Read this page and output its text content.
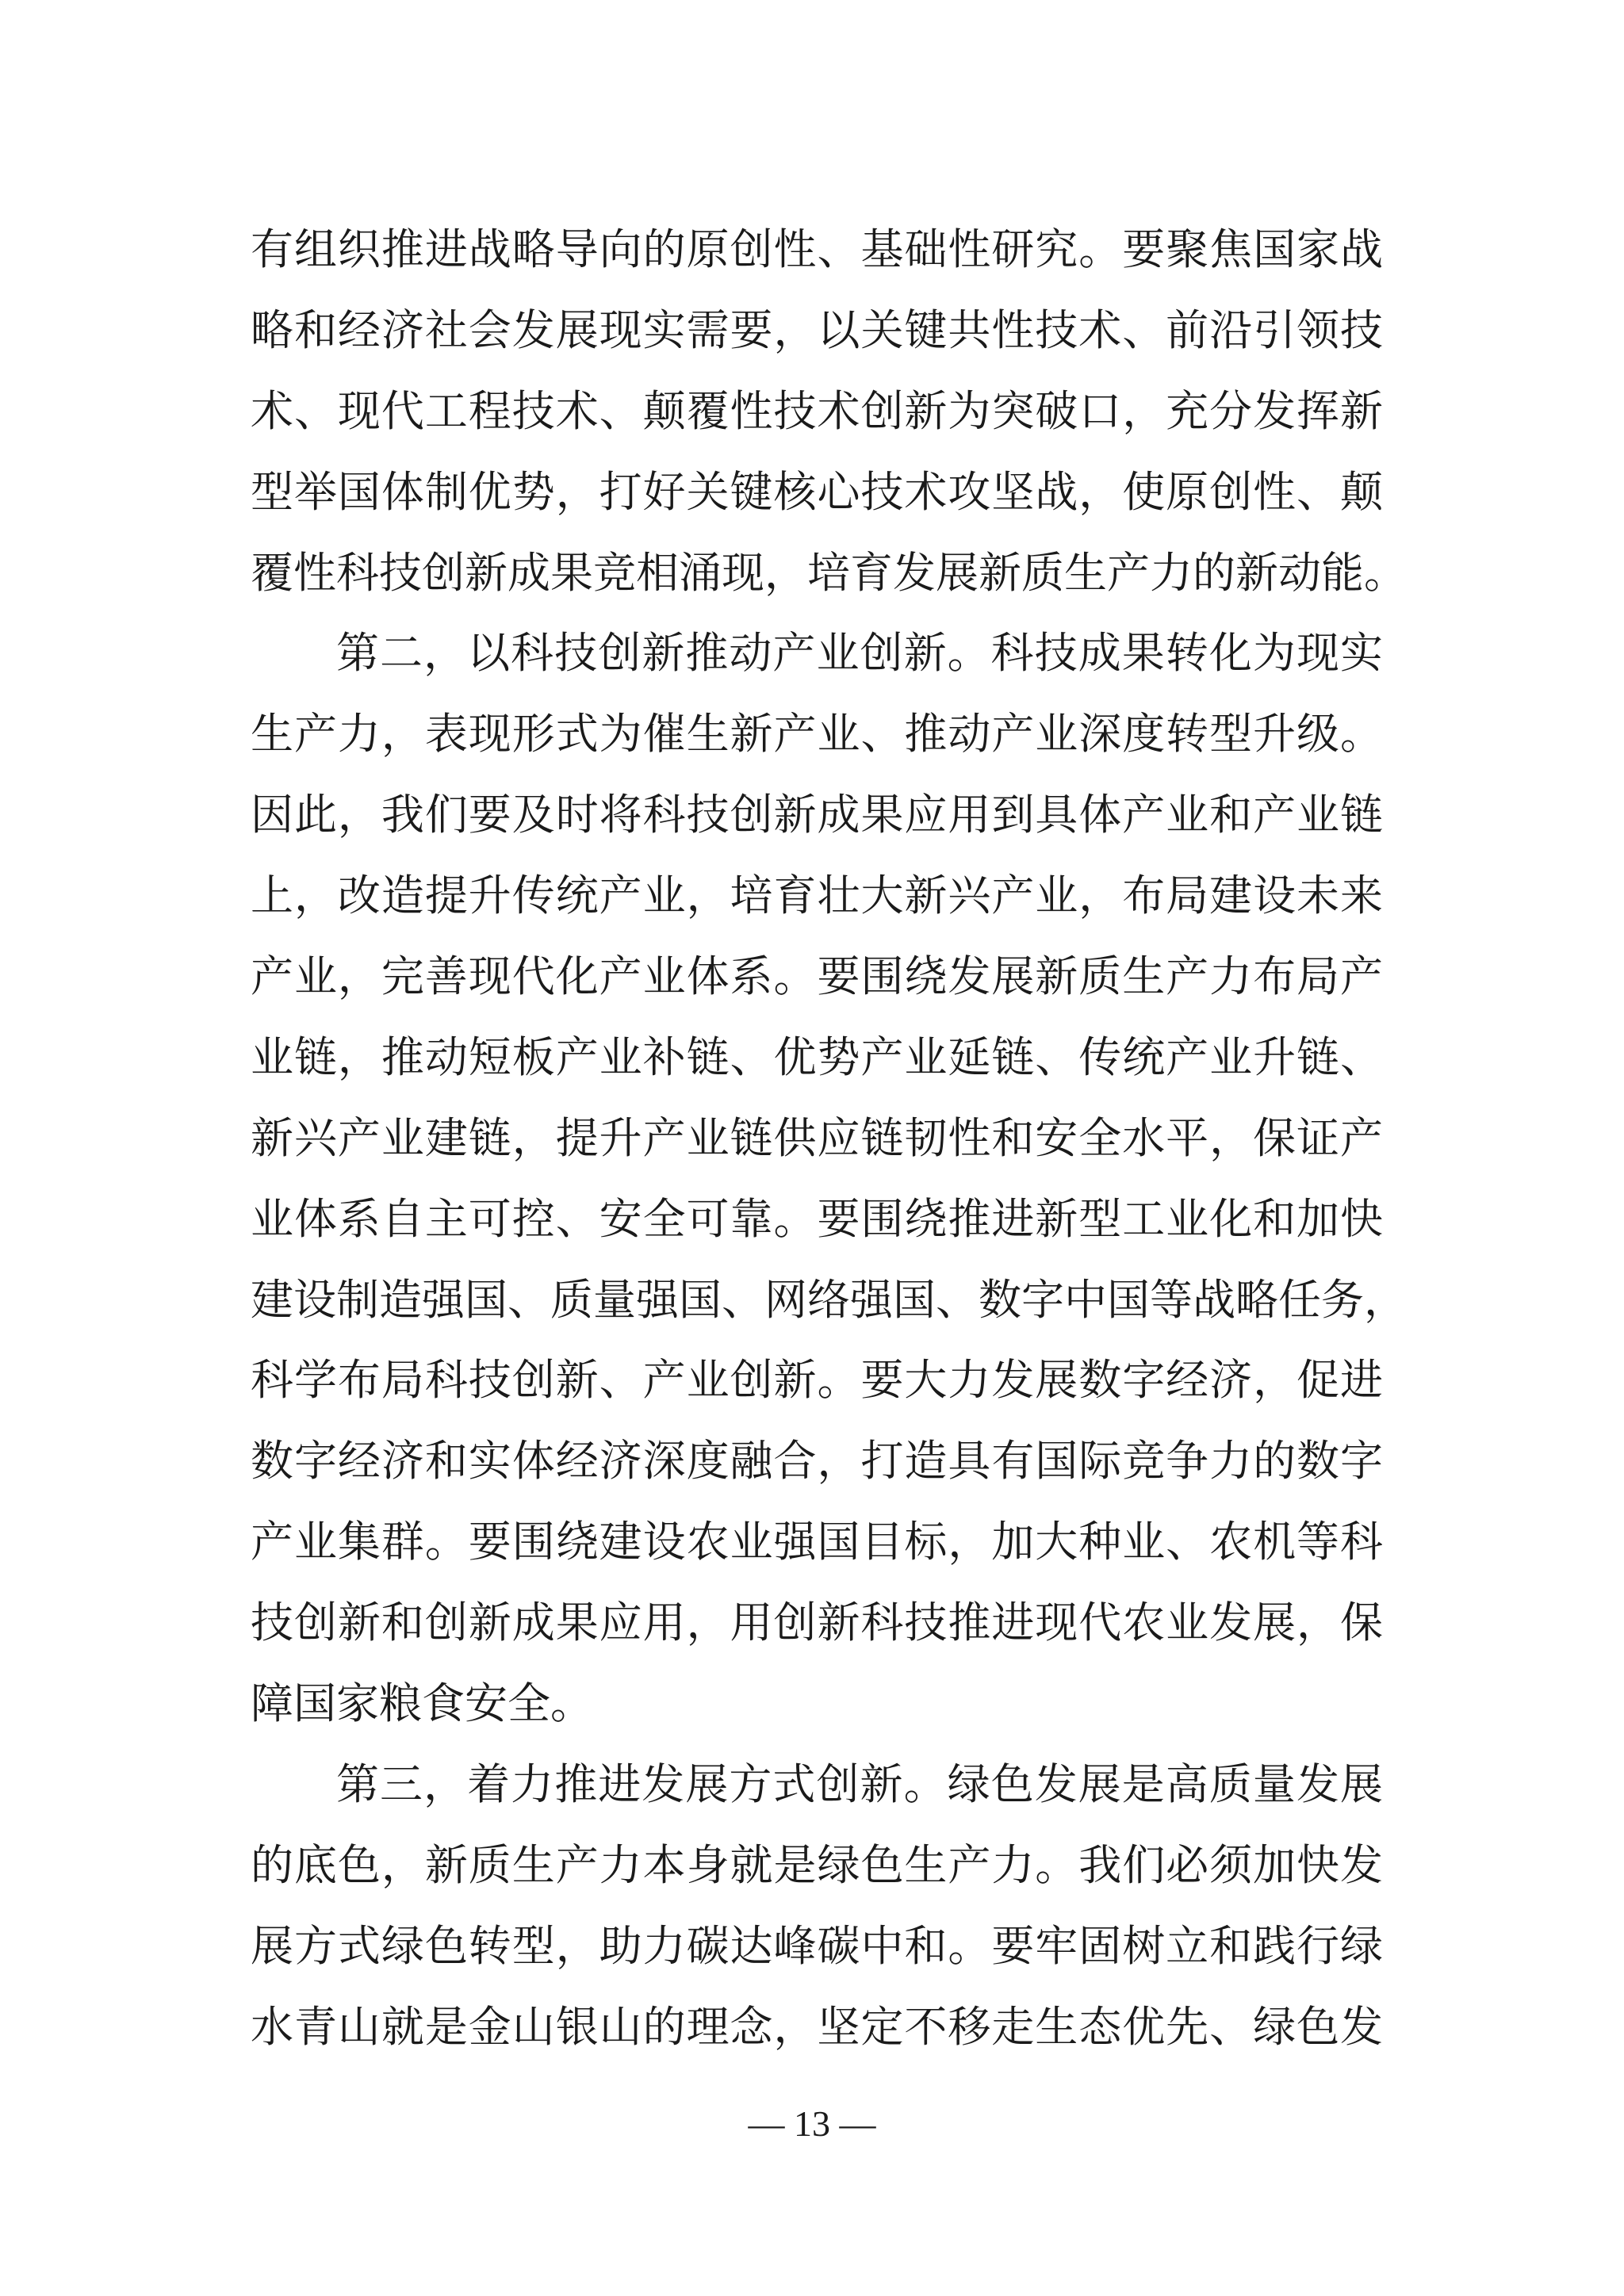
有组织推进战略导向的原创性、基础性研究。要聚焦国家战
略和经济社会发展现实需要，以关键共性技术、前沿引领技
术、现代工程技术、颠覆性技术创新为突破口，充分发挥新
型举国体制优势，打好关键核心技术攻坚战，使原创性、颠
覆性科技创新成果竞相涌现，培育发展新质生产力的新动能。
第二，以科技创新推动产业创新。科技成果转化为现实
生产力，表现形式为催生新产业、推动产业深度转型升级。
因此，我们要及时将科技创新成果应用到具体产业和产业链
上，改造提升传统产业，培育壮大新兴产业，布局建设未来
产业，完善现代化产业体系。要围绕发展新质生产力布局产
业链，推动短板产业补链、优势产业延链、传统产业升链、
新兴产业建链，提升产业链供应链韧性和安全水平，保证产
业体系自主可控、安全可靠。要围绕推进新型工业化和加快
建设制造强国、质量强国、网络强国、数字中国等战略任务，
科学布局科技创新、产业创新。要大力发展数字经济，促进
数字经济和实体经济深度融合，打造具有国际竞争力的数字
产业集群。要围绕建设农业强国目标，加大种业、农机等科
技创新和创新成果应用，用创新科技推进现代农业发展，保
障国家粮食安全。
第三，着力推进发展方式创新。绿色发展是高质量发展
的底色，新质生产力本身就是绿色生产力。我们必须加快发
展方式绿色转型，助力碳达峰碳中和。要牢固树立和践行绿
水青山就是金山银山的理念，坚定不移走生态优先、绿色发
— 13 —
